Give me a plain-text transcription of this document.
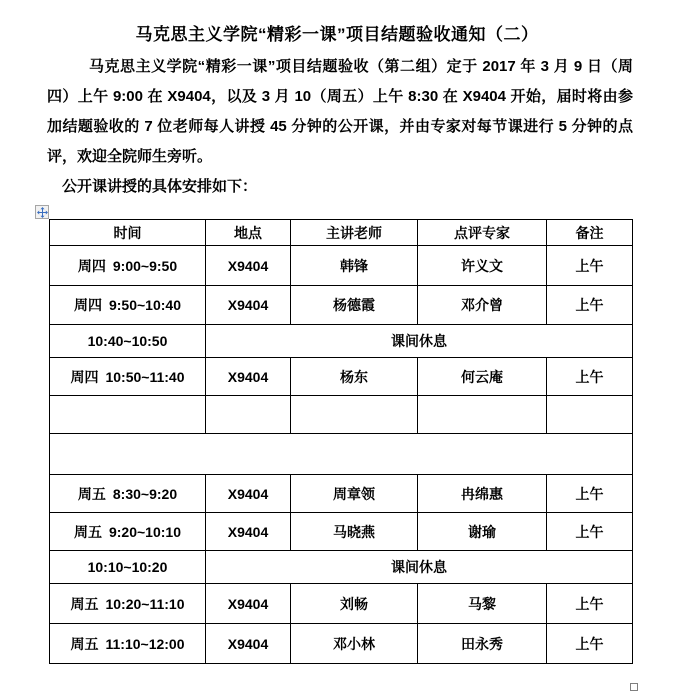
马克思主义学院“精彩一课”项目结题验收通知（二）

马克思主义学院“精彩一课”项目结题验收（第二组）定于 2017 年 3 月 9 日（周四）上午 9:00 在 X9404，以及 3 月 10（周五）上午 8:30 在 X9404 开始，届时将由参加结题验收的 7 位老师每人讲授 45 分钟的公开课，并由专家对每节课进行 5 分钟的点评，欢迎全院师生旁听。

公开课讲授的具体安排如下：

时间	地点	主讲老师	点评专家	备注
周四 9:00~9:50	X9404	韩锋	许义文	上午
周四 9:50~10:40	X9404	杨德霞	邓介曾	上午
10:40~10:50	课间休息			
周四 10:50~11:40	X9404	杨东	何云庵	上午

周五 8:30~9:20	X9404	周章领	冉绵惠	上午
周五 9:20~10:10	X9404	马晓燕	谢瑜	上午
10:10~10:20	课间休息			
周五 10:20~11:10	X9404	刘畅	马黎	上午
周五 11:10~12:00	X9404	邓小林	田永秀	上午
